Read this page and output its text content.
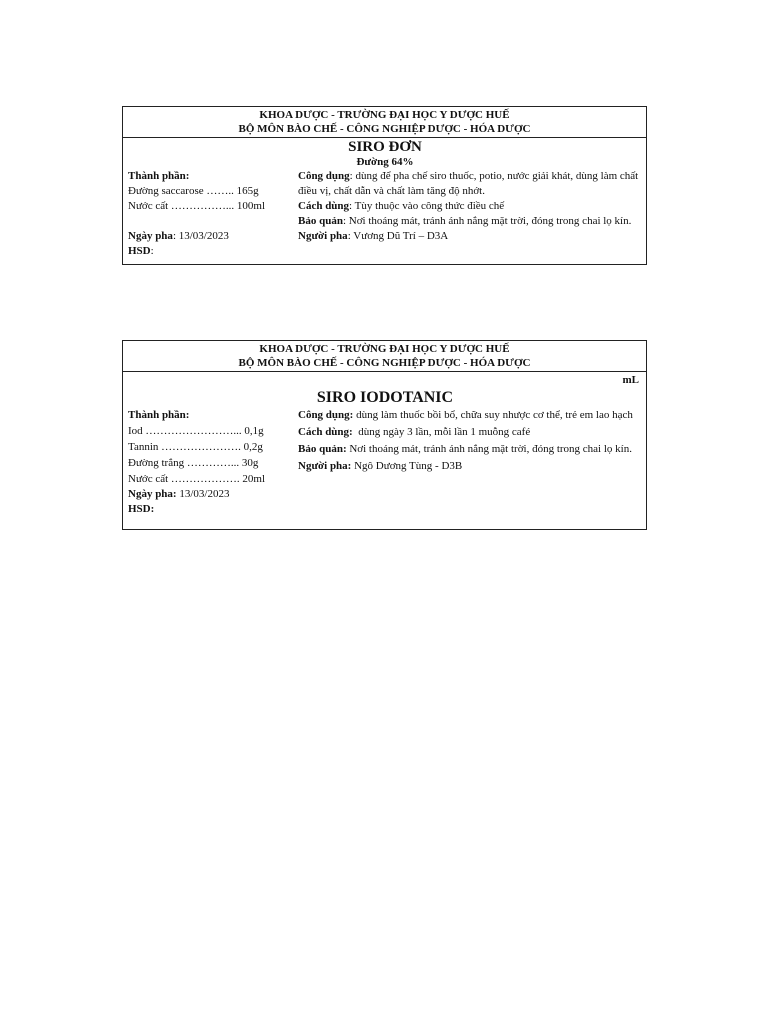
KHOA DƯỢC - TRƯỜNG ĐẠI HỌC Y DƯỢC HUẾ
BỘ MÔN BÀO CHẾ - CÔNG NGHIỆP DƯỢC - HÓA DƯỢC
SIRO ĐƠN
Đường 64%
Thành phần:
Đường saccarose …….. 165g
Nước cất ……………... 100ml
Ngày pha: 13/03/2023
HSD:
Công dụng: dùng để pha chế siro thuốc, potio, nước giải khát, dùng làm chất điều vị, chất dẫn và chất làm tăng độ nhớt.
Cách dùng: Tùy thuộc vào công thức điều chế
Bảo quản: Nơi thoáng mát, tránh ánh nắng mặt trời, đóng trong chai lọ kín.
Người pha: Vương Dũ Trí – D3A
KHOA DƯỢC - TRƯỜNG ĐẠI HỌC Y DƯỢC HUẾ
BỘ MÔN BÀO CHẾ - CÔNG NGHIỆP DƯỢC - HÓA DƯỢC
mL
SIRO IODOTANIC
Thành phần:
Iod ……………………... 0,1g
Tannin …………………. 0,2g
Đường trắng …………... 30g
Nước cất ………………. 20ml
Ngày pha: 13/03/2023
HSD:
Công dụng: dùng làm thuốc bồi bổ, chữa suy nhược cơ thể, trẻ em lao hạch
Cách dùng:  dùng ngày 3 lần, mỗi lần 1 muỗng café
Bảo quản: Nơi thoáng mát, tránh ánh nắng mặt trời, đóng trong chai lọ kín.
Người pha: Ngô Dương Tùng - D3B
